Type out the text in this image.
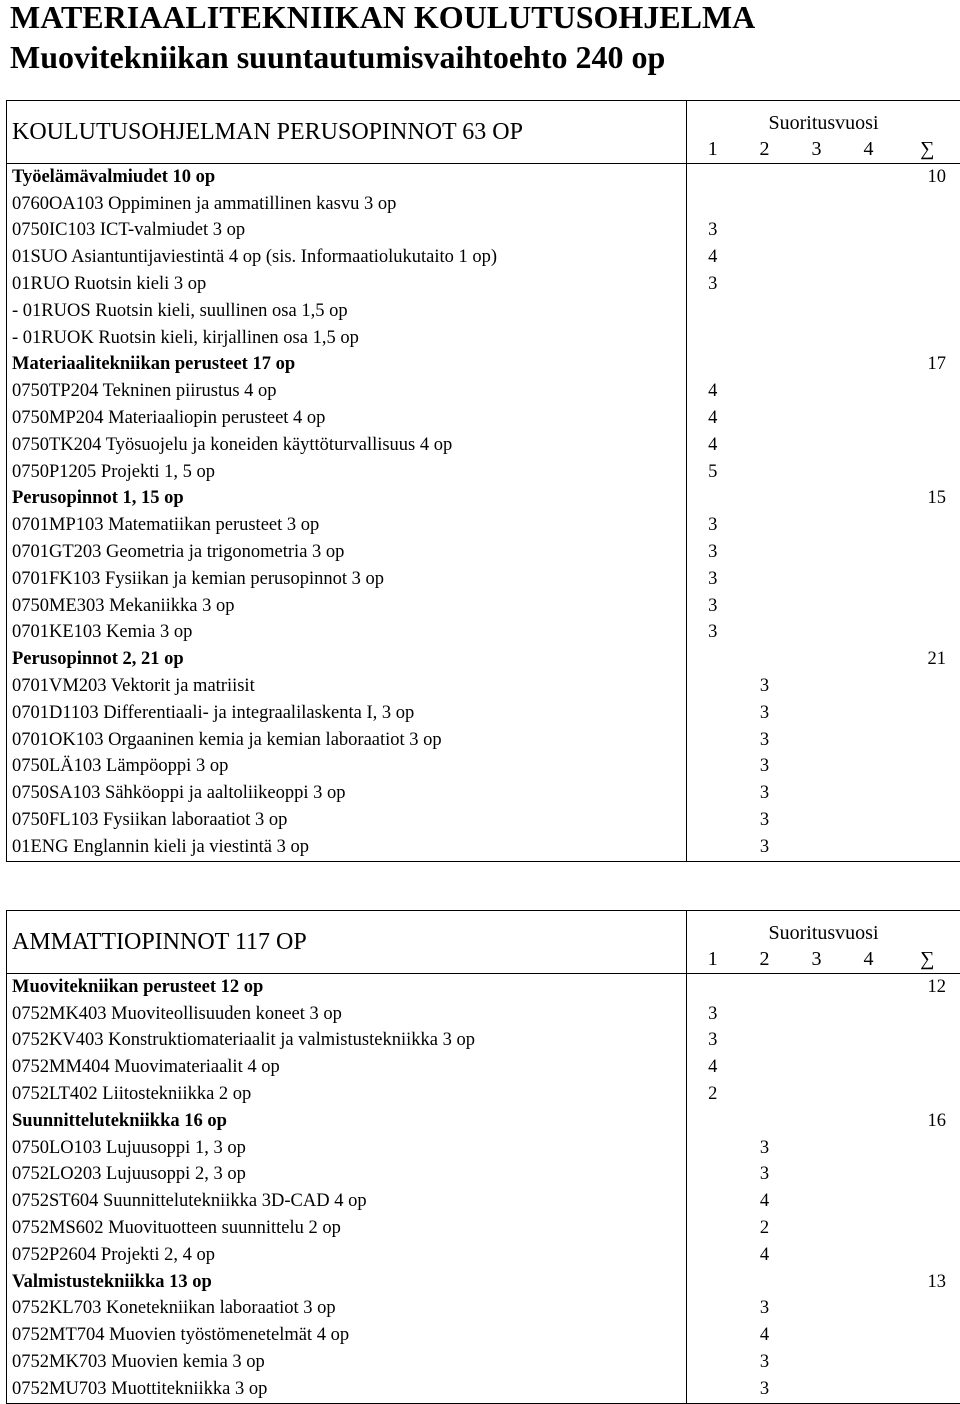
MATERIAALITEKNIIKAN KOULUTUSOHJELMA
Muovitekniikan suuntautumisvaihtoehto 240 op
KOULUTUSOHJELMAN PERUSOPINNOT 63 OP	Suoritusvuosi				
	1	2	3	4	∑
Työelämävalmiudet 10 op					10
0760OA103 Oppiminen ja ammatillinen kasvu 3 op					
0750IC103 ICT-valmiudet 3 op	3				
01SUO Asiantuntijaviestintä 4 op (sis. Informaatiolukutaito 1 op)	4				
01RUO Ruotsin kieli 3 op	3				
- 01RUOS Ruotsin kieli, suullinen osa 1,5 op					
- 01RUOK Ruotsin kieli, kirjallinen osa 1,5 op					
Materiaalitekniikan perusteet 17 op					17
0750TP204 Tekninen piirustus 4 op	4				
0750MP204 Materiaaliopin perusteet 4 op	4				
0750TK204 Työsuojelu ja koneiden käyttöturvallisuus 4 op	4				
0750P1205 Projekti 1, 5 op	5				
Perusopinnot 1, 15 op					15
0701MP103 Matematiikan perusteet 3 op	3				
0701GT203 Geometria ja trigonometria 3 op	3				
0701FK103 Fysiikan ja kemian perusopinnot 3 op	3				
0750ME303 Mekaniikka 3 op	3				
0701KE103 Kemia 3 op	3				
Perusopinnot 2, 21 op					21
0701VM203 Vektorit ja matriisit		3			
0701D1103 Differentiaali- ja integraalilaskenta I, 3 op		3			
0701OK103 Orgaaninen kemia ja kemian laboraatiot 3 op		3			
0750LÄ103 Lämpöoppi 3 op		3			
0750SA103 Sähköoppi ja aaltoliikeoppi 3 op		3			
0750FL103 Fysiikan laboraatiot 3 op		3			
01ENG Englannin kieli ja viestintä 3 op		3			
AMMATTIOPINNOT 117 OP	Suoritusvuosi				
	1	2	3	4	∑
Muovitekniikan perusteet 12 op					12
0752MK403 Muoviteollisuuden koneet 3 op	3				
0752KV403 Konstruktiomateriaalit ja valmistustekniikka 3 op	3				
0752MM404 Muovimateriaalit 4 op	4				
0752LT402 Liitostekniikka 2 op	2				
Suunnittelutekniikka 16 op					16
0750LO103 Lujuusoppi 1, 3 op		3			
0752LO203 Lujuusoppi 2, 3 op		3			
0752ST604 Suunnittelutekniikka 3D-CAD 4 op		4			
0752MS602 Muovituotteen suunnittelu 2 op		2			
0752P2604 Projekti 2, 4 op		4			
Valmistustekniikka 13 op					13
0752KL703 Konetekniikan laboraatiot 3 op		3			
0752MT704 Muovien työstömenetelmät 4 op		4			
0752MK703 Muovien kemia 3 op		3			
0752MU703 Muottitekniikka 3 op		3			
